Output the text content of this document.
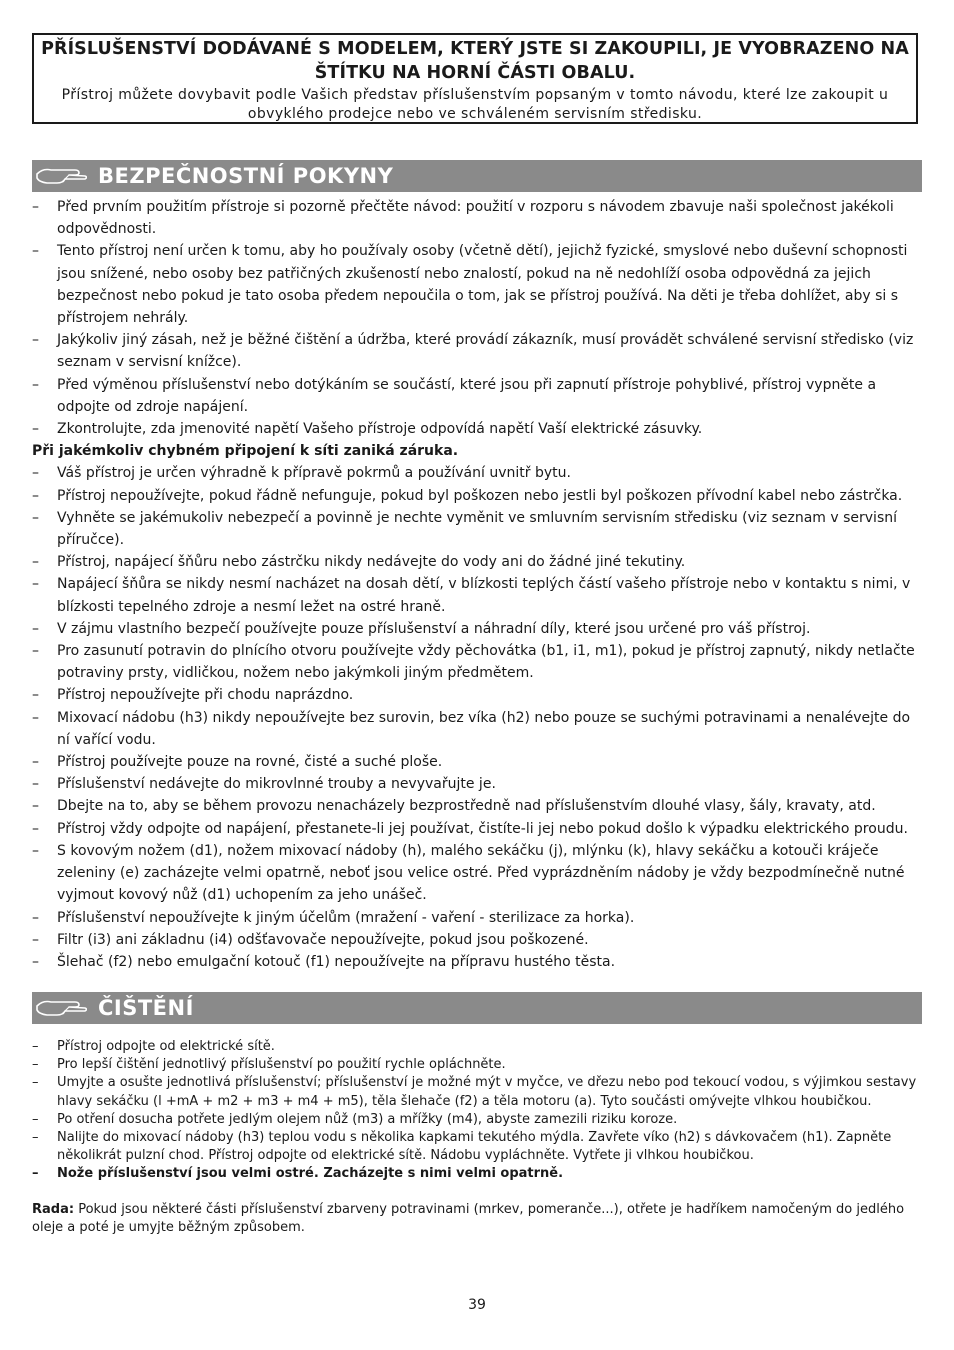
PŘÍSLUŠENSTVÍ DODÁVANÉ S MODELEM, KTERÝ JSTE SI ZAKOUPILI, JE VYOBRAZENO NA ŠTÍTKU NA HORNÍ ČÁSTI OBALU.
Přístroj můžete dovybavit podle Vašich představ příslušenstvím popsaným v tomto návodu, které lze zakoupit u obvyklého prodejce nebo ve schváleném servisním středisku.
BEZPEČNOSTNÍ POKYNY
– Před prvním použitím přístroje si pozorně přečtěte návod: použití v rozporu s návodem zbavuje naši společnost jakékoli odpovědnosti.
– Tento přístroj není určen k tomu, aby ho používaly osoby (včetně dětí), jejichž fyzické, smyslové nebo duševní schopnosti jsou snížené, nebo osoby bez patřičných zkušeností nebo znalostí, pokud na ně nedohlíží osoba odpovědná za jejich bezpečnost nebo pokud je tato osoba předem nepoučila o tom, jak se přístroj používá. Na děti je třeba dohlížet, aby si s přístrojem nehrály.
– Jakýkoliv jiný zásah, než je běžné čištění a údržba, které provádí zákazník, musí provádět schválené servisní středisko (viz seznam v servisní knížce).
– Před výměnou příslušenství nebo dotýkáním se součástí, které jsou při zapnutí přístroje pohyblivé, přístroj vypněte a odpojte od zdroje napájení.
– Zkontrolujte, zda jmenovité napětí Vašeho přístroje odpovídá napětí Vaší elektrické zásuvky.
Při jakémkoliv chybném připojení k síti zaniká záruka.
– Váš přístroj je určen výhradně k přípravě pokrmů a používání uvnitř bytu.
– Přístroj nepoužívejte, pokud řádně nefunguje, pokud byl poškozen nebo jestli byl poškozen přívodní kabel nebo zástrčka.
– Vyhněte se jakémukoliv nebezpečí a povinně je nechte vyměnit ve smluvním servisním středisku (viz seznam v servisní příručce).
– Přístroj, napájecí šňůru nebo zástrčku nikdy nedávejte do vody ani do žádné jiné tekutiny.
– Napájecí šňůra se nikdy nesmí nacházet na dosah dětí, v blízkosti teplých částí vašeho přístroje nebo v kontaktu s nimi, v blízkosti tepelného zdroje a nesmí ležet na ostré hraně.
– V zájmu vlastního bezpečí používejte pouze příslušenství a náhradní díly, které jsou určené pro váš přístroj.
– Pro zasunutí potravin do plnícího otvoru používejte vždy pěchovátka (b1, i1, m1), pokud je přístroj zapnutý, nikdy netlačte potraviny prsty, vidličkou, nožem nebo jakýmkoli jiným předmětem.
– Přístroj nepoužívejte při chodu naprázdno.
– Mixovací nádobu (h3) nikdy nepoužívejte bez surovin, bez víka (h2) nebo pouze se suchými potravinami a nenalévejte do ní vařící vodu.
– Přístroj používejte pouze na rovné, čisté a suché ploše.
– Příslušenství nedávejte do mikrovlnné trouby a nevyvařujte je.
– Dbejte na to, aby se během provozu nenacházely bezprostředně nad příslušenstvím dlouhé vlasy, šály, kravaty, atd.
– Přístroj vždy odpojte od napájení, přestanete-li jej používat, čistíte-li jej nebo pokud došlo k výpadku elektrického proudu.
– S kovovým nožem (d1), nožem mixovací nádoby (h), malého sekáčku (j), mlýnku (k), hlavy sekáčku a kotouči kráječe zeleniny (e) zacházejte velmi opatrně, neboť jsou velice ostré. Před vyprázdněním nádoby je vždy bezpodmínečně nutné vyjmout kovový nůž (d1) uchopením za jeho unášeč.
– Příslušenství nepoužívejte k jiným účelům (mražení - vaření - sterilizace za horka).
– Filtr (i3) ani základnu (i4) odšťavovače nepoužívejte, pokud jsou poškozené.
– Šlehač (f2) nebo emulgační kotouč (f1) nepoužívejte na přípravu hustého těsta.
ČIŠTĚNÍ
– Přístroj odpojte od elektrické sítě.
– Pro lepší čištění jednotlivý příslušenství po použití rychle opláchněte.
– Umyjte a osušte jednotlivá příslušenství; příslušenství je možné mýt v myčce, ve dřezu nebo pod tekoucí vodou, s výjimkou sestavy hlavy sekáčku (l +mA + m2 + m3 + m4 + m5), těla šlehače (f2) a těla motoru (a). Tyto součásti omývejte vlhkou houbičkou.
– Po otření dosucha potřete jedlým olejem nůž (m3) a mřížky (m4), abyste zamezili riziku koroze.
– Nalijte do mixovací nádoby (h3) teplou vodu s několika kapkami tekutého mýdla. Zavřete víko (h2) s dávkovačem (h1). Zapněte několikrát pulzní chod. Přístroj odpojte od elektrické sítě. Nádobu vypláchněte. Vytřete ji vlhkou houbičkou.
– Nože příslušenství jsou velmi ostré. Zacházejte s nimi velmi opatrně.
Rada: Pokud jsou některé části příslušenství zbarveny potravinami (mrkev, pomeranče...), otřete je hadříkem namočeným do jedlého oleje a poté je umyjte běžným způsobem.
39
